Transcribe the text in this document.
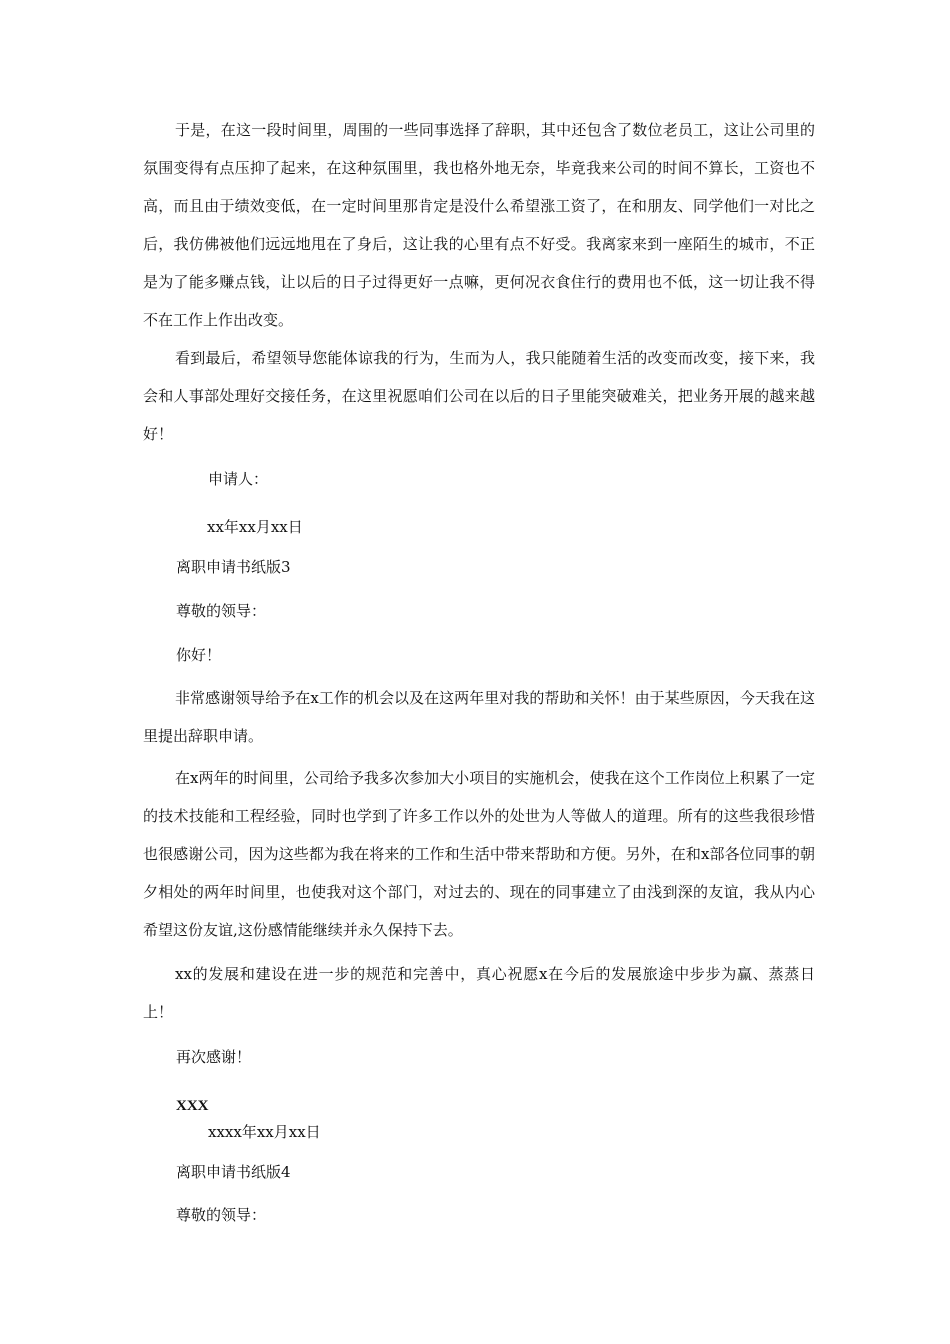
于是，在这一段时间里，周围的一些同事选择了辞职，其中还包含了数位老员工，这让公司里的氛围变得有点压抑了起来，在这种氛围里，我也格外地无奈，毕竟我来公司的时间不算长，工资也不高，而且由于绩效变低，在一定时间里那肯定是没什么希望涨工资了，在和朋友、同学他们一对比之后，我仿佛被他们远远地甩在了身后，这让我的心里有点不好受。我离家来到一座陌生的城市，不正是为了能多赚点钱，让以后的日子过得更好一点嘛，更何况衣食住行的费用也不低，这一切让我不得不在工作上作出改变。

看到最后，希望领导您能体谅我的行为，生而为人，我只能随着生活的改变而改变，接下来，我会和人事部处理好交接任务，在这里祝愿咱们公司在以后的日子里能突破难关，把业务开展的越来越好！

申请人：

xx年xx月xx日

离职申请书纸版3

尊敬的领导：

你好！

非常感谢领导给予在x工作的机会以及在这两年里对我的帮助和关怀！由于某些原因，今天我在这里提出辞职申请。

在x两年的时间里，公司给予我多次参加大小项目的实施机会，使我在这个工作岗位上积累了一定的技术技能和工程经验，同时也学到了许多工作以外的处世为人等做人的道理。所有的这些我很珍惜也很感谢公司，因为这些都为我在将来的工作和生活中带来帮助和方便。另外，在和x部各位同事的朝夕相处的两年时间里，也使我对这个部门，对过去的、现在的同事建立了由浅到深的友谊，我从内心希望这份友谊,这份感情能继续并永久保持下去。

xx的发展和建设在进一步的规范和完善中，真心祝愿x在今后的发展旅途中步步为赢、蒸蒸日上！

再次感谢！

XXX

xxxx年xx月xx日

离职申请书纸版4

尊敬的领导：
